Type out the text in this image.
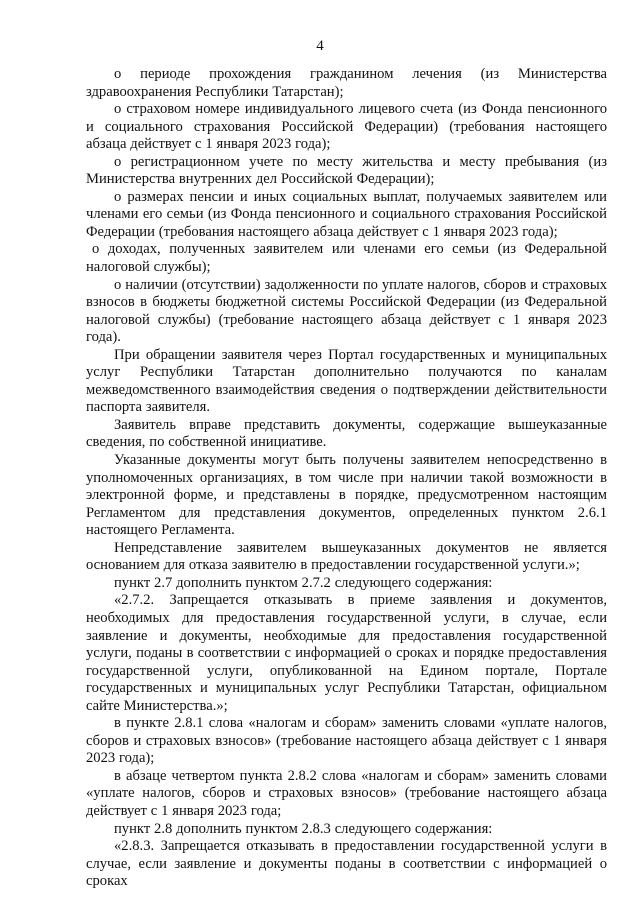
4

о периоде прохождения гражданином лечения (из Министерства здравоохранения Республики Татарстан);

о страховом номере индивидуального лицевого счета (из Фонда пенсионного и социального страхования Российской Федерации) (требования настоящего абзаца действует с 1 января 2023 года);

о регистрационном учете по месту жительства и месту пребывания (из Министерства внутренних дел Российской Федерации);

о размерах пенсии и иных социальных выплат, получаемых заявителем или членами его семьи (из Фонда пенсионного и социального страхования Российской Федерации (требования настоящего абзаца действует с 1 января 2023 года);

о доходах, полученных заявителем или членами его семьи (из Федеральной налоговой службы);

о наличии (отсутствии) задолженности по уплате налогов, сборов и страховых взносов в бюджеты бюджетной системы Российской Федерации (из Федеральной налоговой службы) (требование настоящего абзаца действует с 1 января 2023 года).

При обращении заявителя через Портал государственных и муниципальных услуг Республики Татарстан дополнительно получаются по каналам межведомственного взаимодействия сведения о подтверждении действительности паспорта заявителя.

Заявитель вправе представить документы, содержащие вышеуказанные сведения, по собственной инициативе.

Указанные документы могут быть получены заявителем непосредственно в уполномоченных организациях, в том числе при наличии такой возможности в электронной форме, и представлены в порядке, предусмотренном настоящим Регламентом для представления документов, определенных пунктом 2.6.1 настоящего Регламента.

Непредставление заявителем вышеуказанных документов не является основанием для отказа заявителю в предоставлении государственной услуги.»;

пункт 2.7 дополнить пунктом 2.7.2 следующего содержания:

«2.7.2. Запрещается отказывать в приеме заявления и документов, необходимых для предоставления государственной услуги, в случае, если заявление и документы, необходимые для предоставления государственной услуги, поданы в соответствии с информацией о сроках и порядке предоставления государственной услуги, опубликованной на Едином портале, Портале государственных и муниципальных услуг Республики Татарстан, официальном сайте Министерства.»;

в пункте 2.8.1 слова «налогам и сборам» заменить словами «уплате налогов, сборов и страховых взносов» (требование настоящего абзаца действует с 1 января 2023 года);

в абзаце четвертом пункта 2.8.2 слова «налогам и сборам» заменить словами «уплате налогов, сборов и страховых взносов» (требование настоящего абзаца действует с 1 января 2023 года;

пункт 2.8 дополнить пунктом 2.8.3 следующего содержания:

«2.8.3. Запрещается отказывать в предоставлении государственной услуги в случае, если заявление и документы поданы в соответствии с информацией о сроках
